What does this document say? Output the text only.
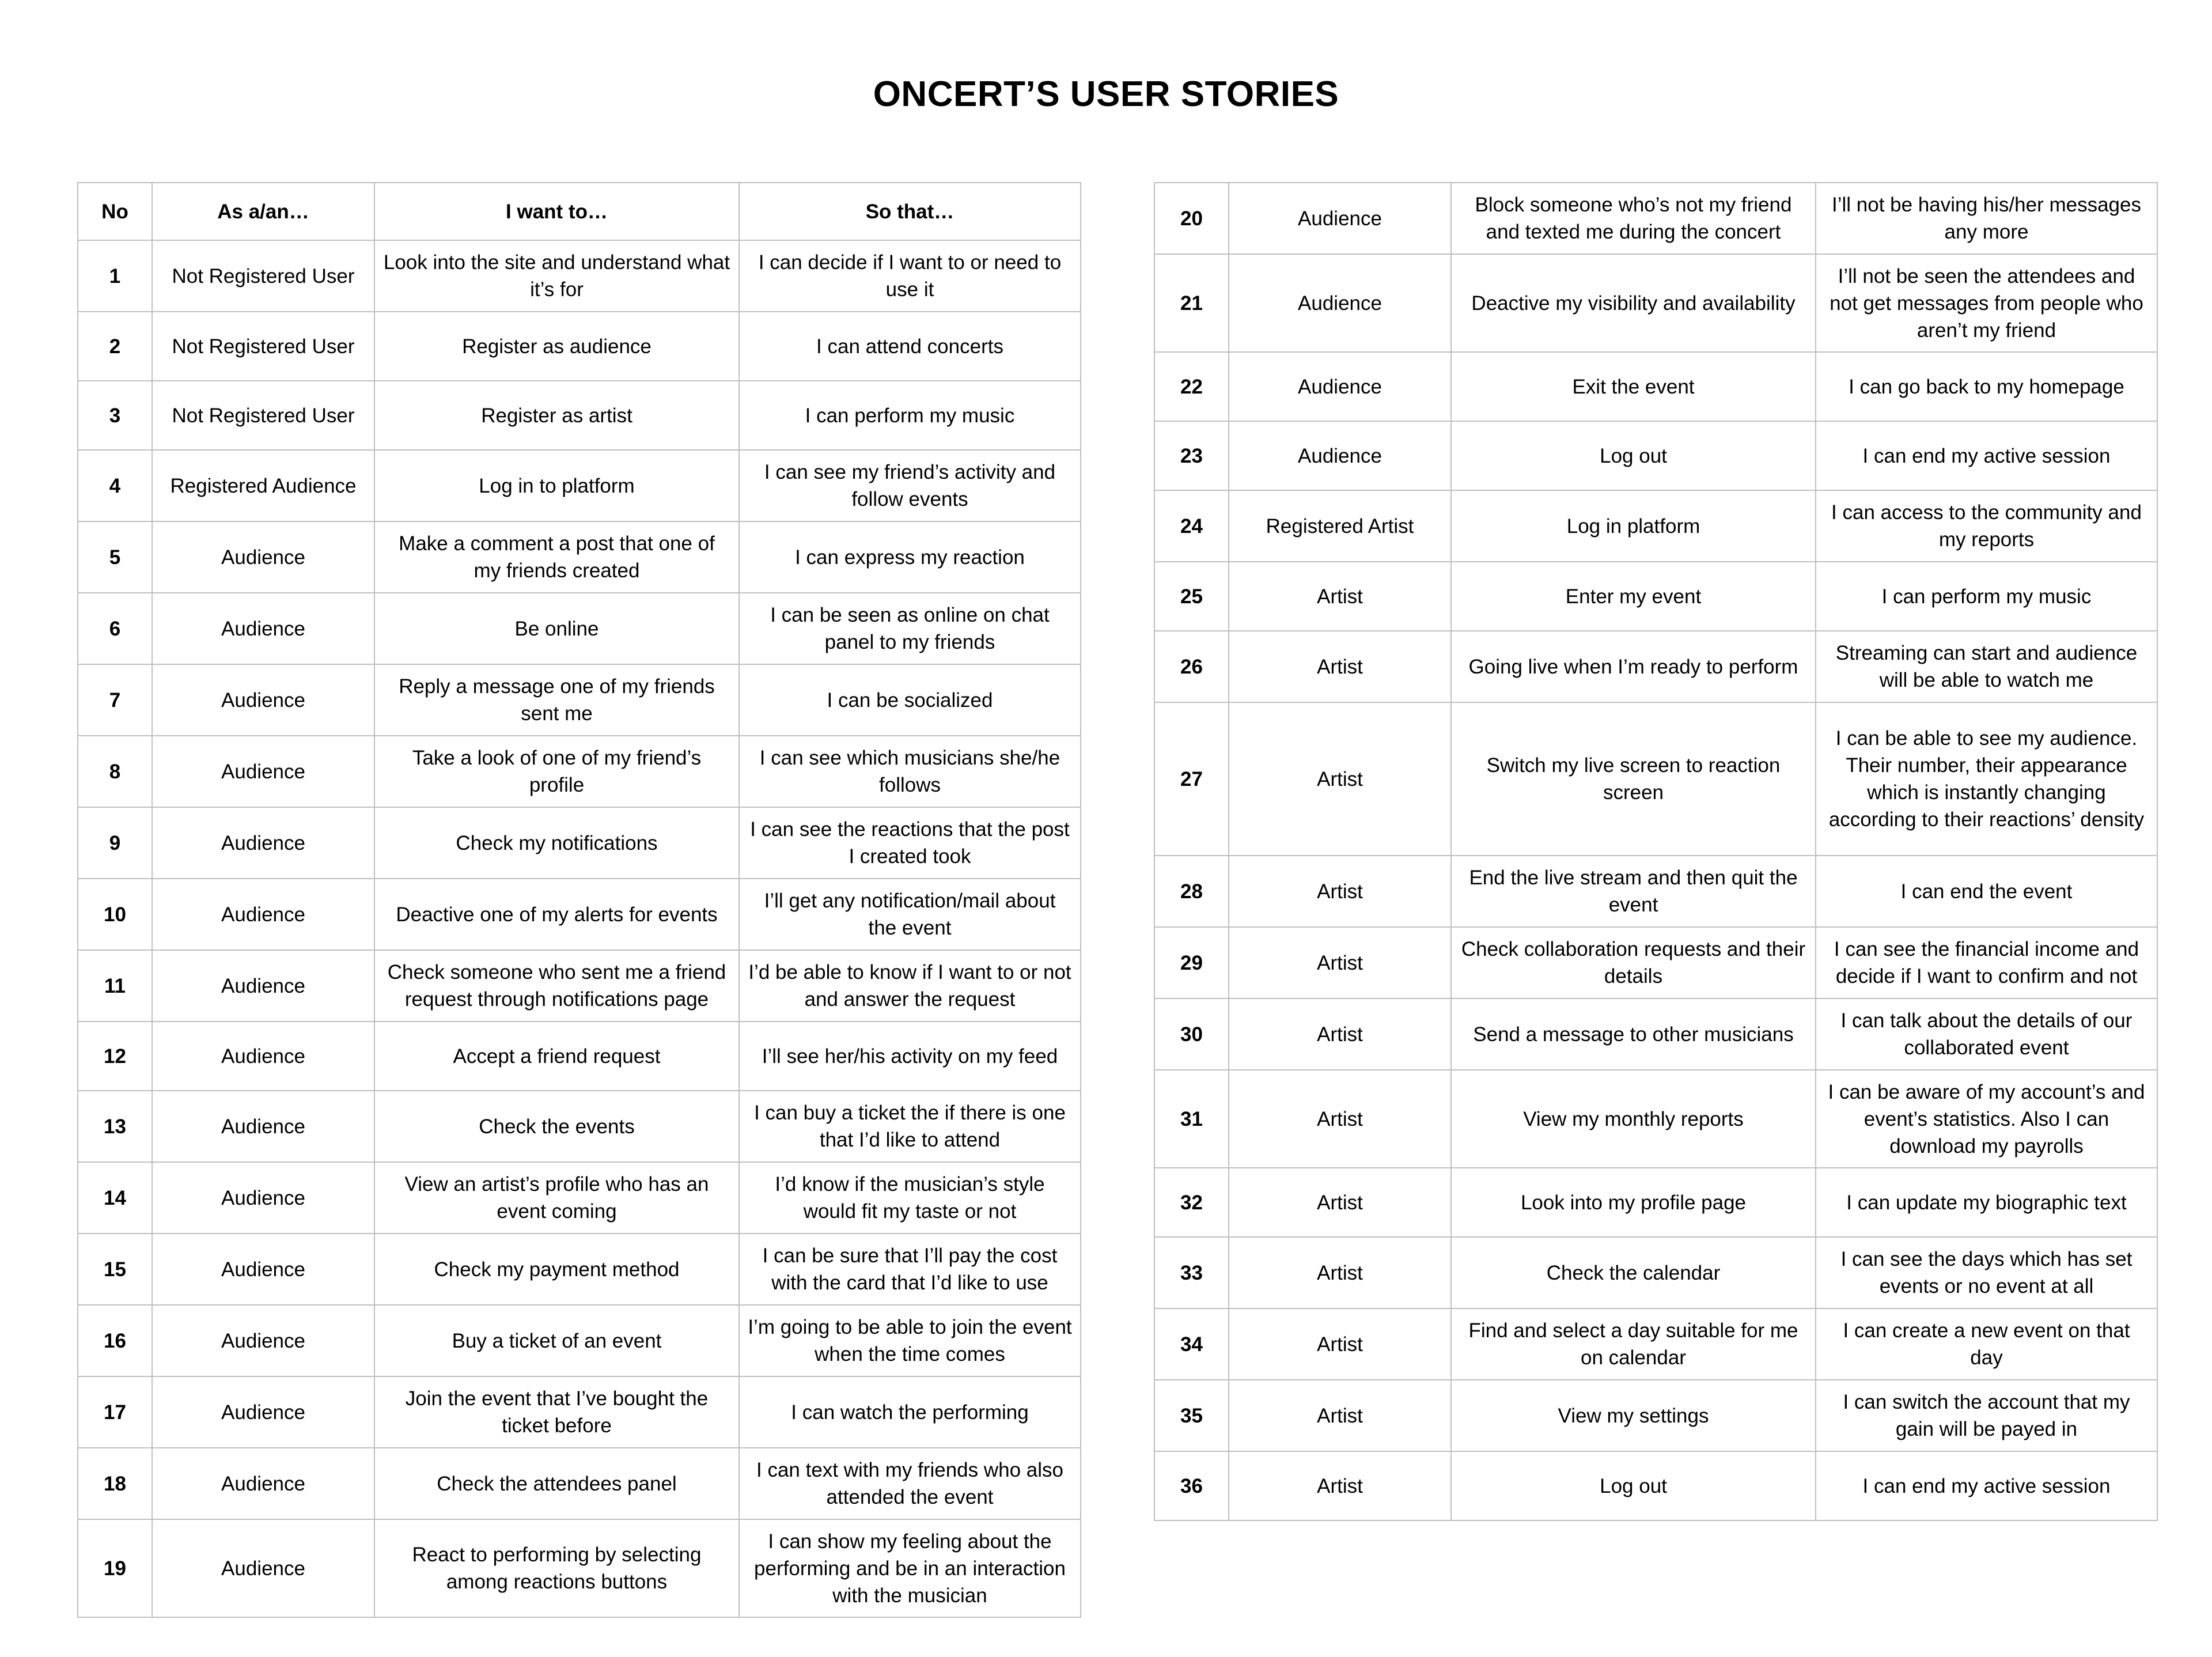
ONCERT’S USER STORIES
No	As a/an…	I want to…	So that…
1	Not Registered User	Look into the site and understand what it’s for	I can decide if I want to or need to use it
2	Not Registered User	Register as audience	I can attend concerts
3	Not Registered User	Register as artist	I can perform my music
4	Registered Audience	Log in to platform	I can see my friend’s activity and follow events
5	Audience	Make a comment a post that one of my friends created	I can express my reaction
6	Audience	Be online	I can be seen as online on chat panel to my friends
7	Audience	Reply a message one of my friends sent me	I can be socialized
8	Audience	Take a look of one of my friend’s profile	I can see which musicians she/he follows
9	Audience	Check my notifications	I can see the reactions that the post I created took
10	Audience	Deactive one of my alerts for events	I’ll get any notification/mail about the event
11	Audience	Check someone who sent me a friend request through notifications page	I’d be able to know if I want to or not and answer the request
12	Audience	Accept a friend request	I’ll see her/his activity on my feed
13	Audience	Check the events	I can buy a ticket the if there is one that I’d like to attend
14	Audience	View an artist’s profile who has an event coming	I’d know if the musician’s style would fit my taste or not
15	Audience	Check my payment method	I can be sure that I’ll pay the cost with the card that I’d like to use
16	Audience	Buy a ticket of an event	I’m going to be able to join the event when the time comes
17	Audience	Join the event that I’ve bought the ticket before	I can watch the performing
18	Audience	Check the attendees panel	I can text with my friends who also attended the event
19	Audience	React to performing by selecting among reactions buttons	I can show my feeling about the performing and be in an interaction with the musician
20	Audience	Block someone who’s not my friend and texted me during the concert	I’ll not be having his/her messages any more
21	Audience	Deactive my visibility and availability	I’ll not be seen the attendees and not get messages from people who aren’t my friend
22	Audience	Exit the event	I can go back to my homepage
23	Audience	Log out	I can end my active session
24	Registered Artist	Log in platform	I can access to the community and my reports
25	Artist	Enter my event	I can perform my music
26	Artist	Going live when I’m ready to perform	Streaming can start and audience will be able to watch me
27	Artist	Switch my live screen to reaction screen	I can be able to see my audience. Their number, their appearance which is instantly changing according to their reactions’ density
28	Artist	End the live stream and then quit the event	I can end the event
29	Artist	Check collaboration requests and their details	I can see the financial income and decide if I want to confirm and not
30	Artist	Send a message to other musicians	I can talk about the details of our collaborated event
31	Artist	View my monthly reports	I can be aware of my account’s and event’s statistics. Also I can download my payrolls
32	Artist	Look into my profile page	I can update my biographic text
33	Artist	Check the calendar	I can see the days which has set events or no event at all
34	Artist	Find and select a day suitable for me on calendar	I can create a new event on that day
35	Artist	View my settings	I can switch the account that my gain will be payed in
36	Artist	Log out	I can end my active session
